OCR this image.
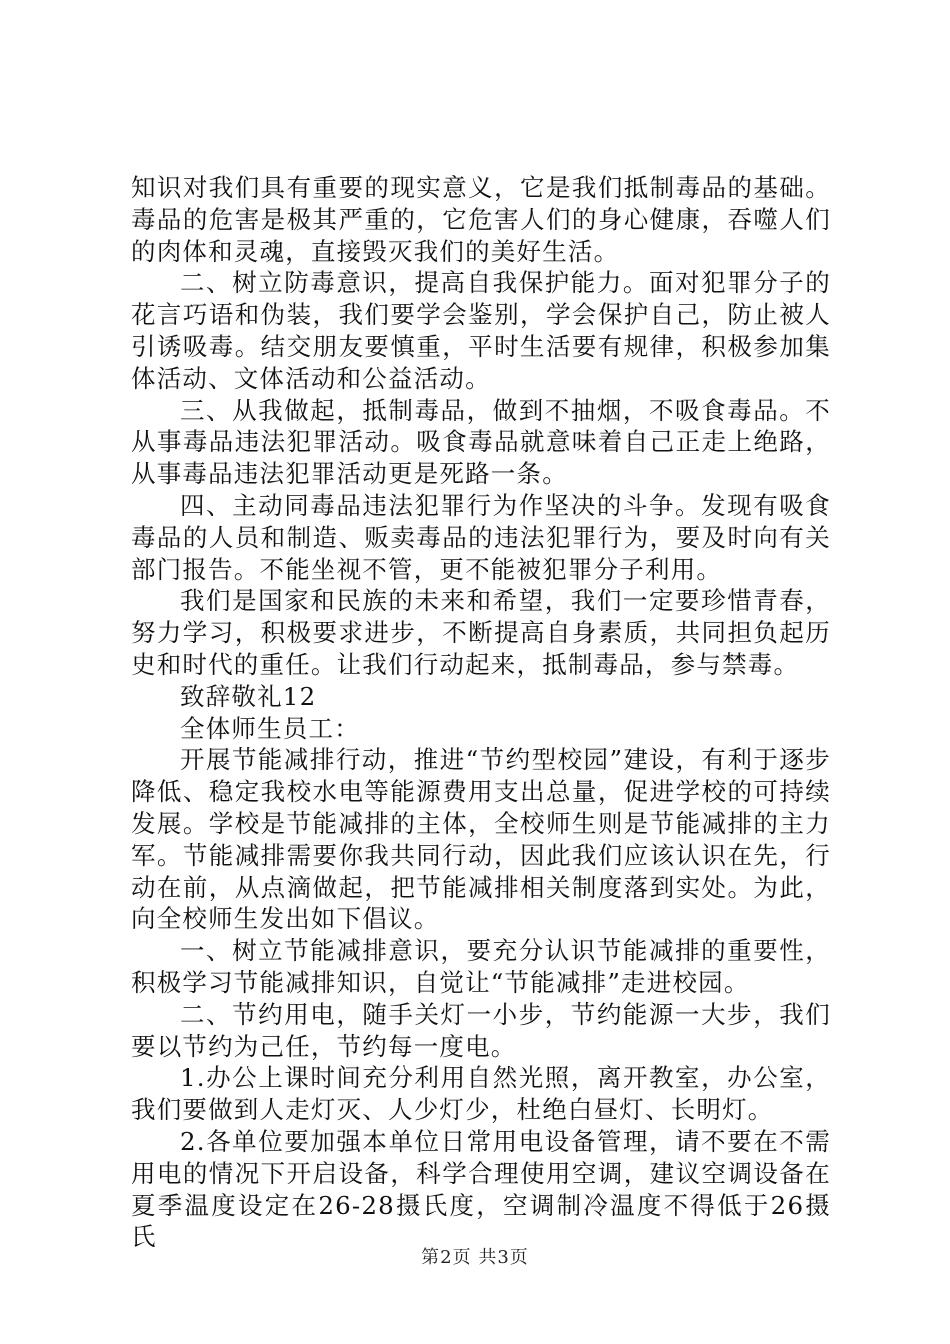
知识对我们具有重要的现实意义，它是我们抵制毒品的基础。毒品的危害是极其严重的，它危害人们的身心健康，吞噬人们的肉体和灵魂，直接毁灭我们的美好生活。

二、树立防毒意识，提高自我保护能力。面对犯罪分子的花言巧语和伪装，我们要学会鉴别，学会保护自己，防止被人引诱吸毒。结交朋友要慎重，平时生活要有规律，积极参加集体活动、文体活动和公益活动。

三、从我做起，抵制毒品，做到不抽烟，不吸食毒品。不从事毒品违法犯罪活动。吸食毒品就意味着自己正走上绝路，从事毒品违法犯罪活动更是死路一条。

四、主动同毒品违法犯罪行为作坚决的斗争。发现有吸食毒品的人员和制造、贩卖毒品的违法犯罪行为，要及时向有关部门报告。不能坐视不管，更不能被犯罪分子利用。

我们是国家和民族的未来和希望，我们一定要珍惜青春，努力学习，积极要求进步，不断提高自身素质，共同担负起历史和时代的重任。让我们行动起来，抵制毒品，参与禁毒。

致辞敬礼12

全体师生员工：

开展节能减排行动，推进“节约型校园”建设，有利于逐步降低、稳定我校水电等能源费用支出总量，促进学校的可持续发展。学校是节能减排的主体，全校师生则是节能减排的主力军。节能减排需要你我共同行动，因此我们应该认识在先，行动在前，从点滴做起，把节能减排相关制度落到实处。为此，向全校师生发出如下倡议。

一、树立节能减排意识，要充分认识节能减排的重要性，积极学习节能减排知识，自觉让“节能减排”走进校园。

二、节约用电，随手关灯一小步，节约能源一大步，我们要以节约为己任，节约每一度电。

1.办公上课时间充分利用自然光照，离开教室，办公室，我们要做到人走灯灭、人少灯少，杜绝白昼灯、长明灯。

2.各单位要加强本单位日常用电设备管理，请不要在不需用电的情况下开启设备，科学合理使用空调，建议空调设备在夏季温度设定在26-28摄氏度，空调制冷温度不得低于26摄氏

第2页 共3页
